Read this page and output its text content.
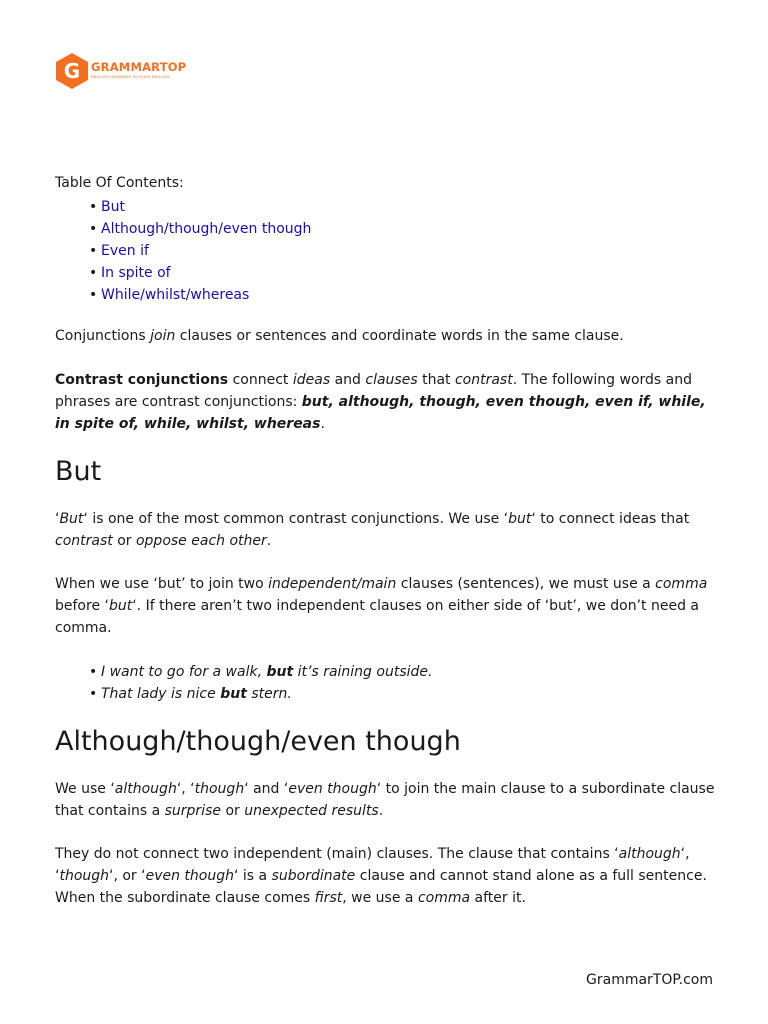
G GRAMMARTOP
ENGLISH GRAMMAR IN PLAIN ENGLISH
Table Of Contents:
• But
• Although/though/even though
• Even if
• In spite of
• While/whilst/whereas

Conjunctions join clauses or sentences and coordinate words in the same clause.

Contrast conjunctions connect ideas and clauses that contrast. The following words and phrases are contrast conjunctions: but, although, though, even though, even if, while, in spite of, while, whilst, whereas.

But

‘But‘ is one of the most common contrast conjunctions. We use ‘but‘ to connect ideas that contrast or oppose each other.

When we use ‘but’ to join two independent/main clauses (sentences), we must use a comma before ‘but‘. If there aren’t two independent clauses on either side of ‘but’, we don’t need a comma.

• I want to go for a walk, but it’s raining outside.
• That lady is nice but stern.
Although/though/even though

We use ‘although‘, ‘though‘ and ‘even though‘ to join the main clause to a subordinate clause that contains a surprise or unexpected results.

They do not connect two independent (main) clauses. The clause that contains ‘although‘, ‘though‘, or ‘even though‘ is a subordinate clause and cannot stand alone as a full sentence. When the subordinate clause comes first, we use a comma after it.

GrammarTOP.com
